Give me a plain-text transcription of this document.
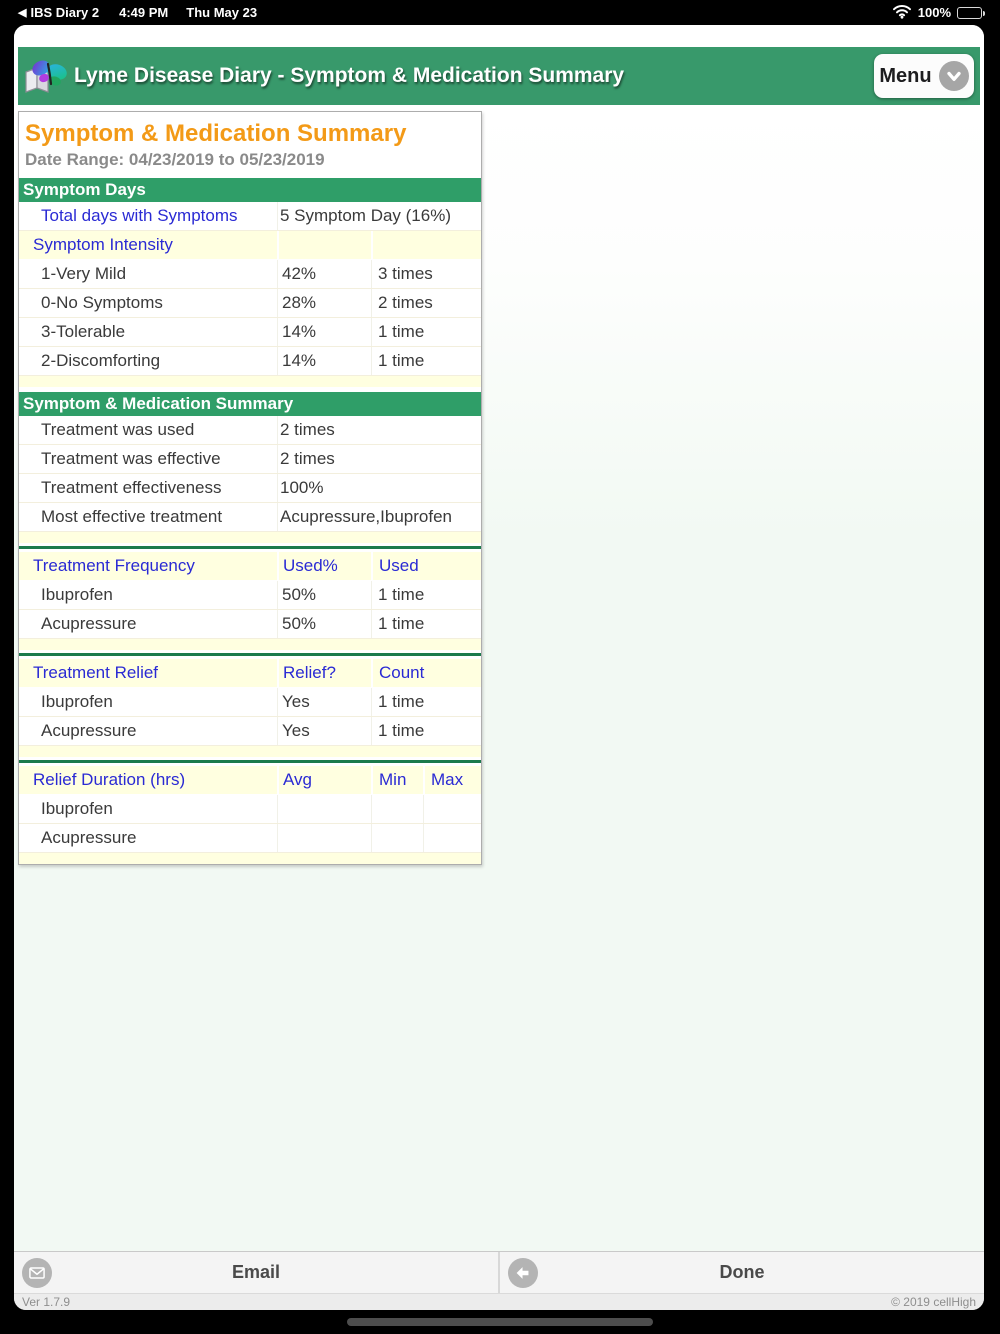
◀ IBS Diary 2 4:49 PM Thu May 23	100%
Lyme Disease Diary - Symptom & Medication Summary	Menu
Symptom & Medication Summary
Date Range: 04/23/2019 to 05/23/2019
Symptom Days
Total days with Symptoms	5 Symptom Day (16%)
Symptom Intensity
1-Very Mild	42%	3 times
0-No Symptoms	28%	2 times
3-Tolerable	14%	1 time
2-Discomforting	14%	1 time
Symptom & Medication Summary
Treatment was used	2 times
Treatment was effective	2 times
Treatment effectiveness	100%
Most effective treatment	Acupressure,Ibuprofen
Treatment Frequency	Used%	Used
Ibuprofen	50%	1 time
Acupressure	50%	1 time
Treatment Relief	Relief?	Count
Ibuprofen	Yes	1 time
Acupressure	Yes	1 time
Relief Duration (hrs)	Avg	Min	Max
Ibuprofen
Acupressure
Email	Done
Ver 1.7.9	© 2019 cellHigh
